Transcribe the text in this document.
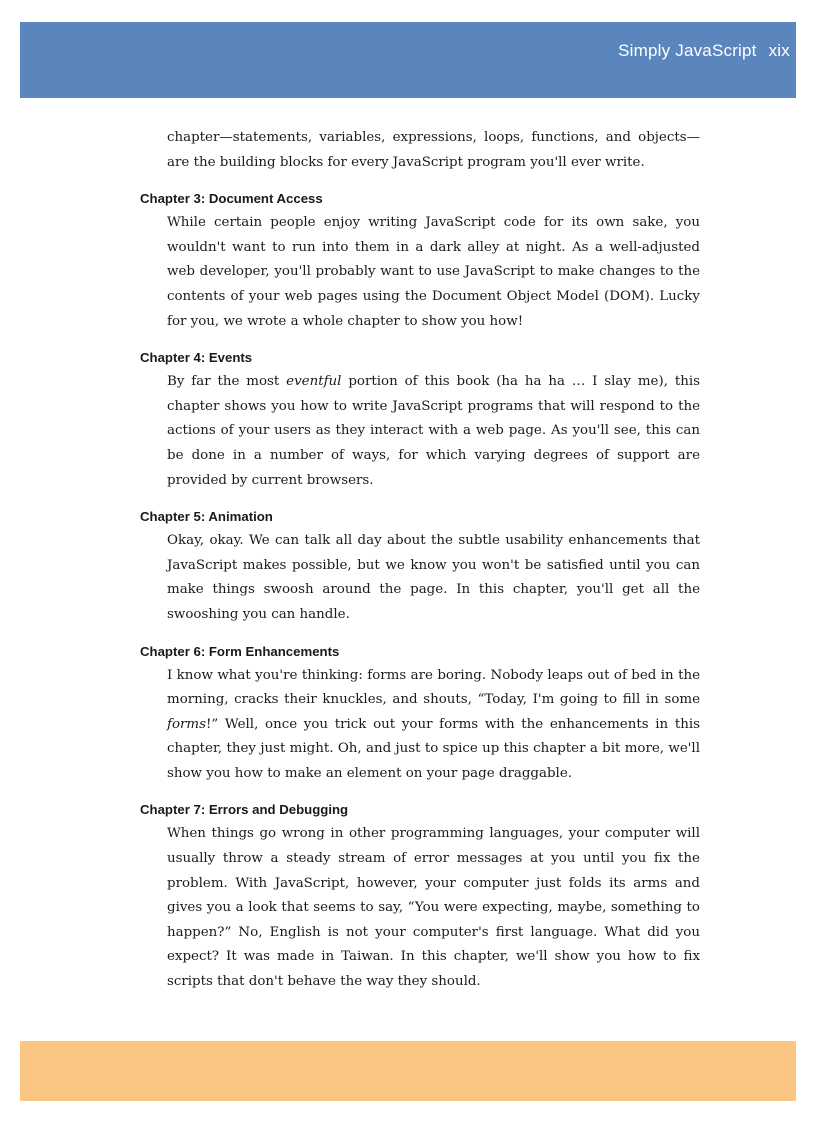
Simply JavaScript xix

chapter—statements, variables, expressions, loops, functions, and objects—are the building blocks for every JavaScript program you'll ever write.

Chapter 3: Document Access

While certain people enjoy writing JavaScript code for its own sake, you wouldn't want to run into them in a dark alley at night. As a well-adjusted web developer, you'll probably want to use JavaScript to make changes to the contents of your web pages using the Document Object Model (DOM). Lucky for you, we wrote a whole chapter to show you how!

Chapter 4: Events

By far the most eventful portion of this book (ha ha ha … I slay me), this chapter shows you how to write JavaScript programs that will respond to the actions of your users as they interact with a web page. As you'll see, this can be done in a number of ways, for which varying degrees of support are provided by current browsers.

Chapter 5: Animation

Okay, okay. We can talk all day about the subtle usability enhancements that JavaScript makes possible, but we know you won't be satisfied until you can make things swoosh around the page. In this chapter, you'll get all the swooshing you can handle.

Chapter 6: Form Enhancements

I know what you're thinking: forms are boring. Nobody leaps out of bed in the morning, cracks their knuckles, and shouts, “Today, I'm going to fill in some forms!” Well, once you trick out your forms with the enhancements in this chapter, they just might. Oh, and just to spice up this chapter a bit more, we'll show you how to make an element on your page draggable.

Chapter 7: Errors and Debugging

When things go wrong in other programming languages, your computer will usually throw a steady stream of error messages at you until you fix the problem. With JavaScript, however, your computer just folds its arms and gives you a look that seems to say, “You were expecting, maybe, something to happen?” No, English is not your computer's first language. What did you expect? It was made in Taiwan. In this chapter, we'll show you how to fix scripts that don't behave the way they should.
